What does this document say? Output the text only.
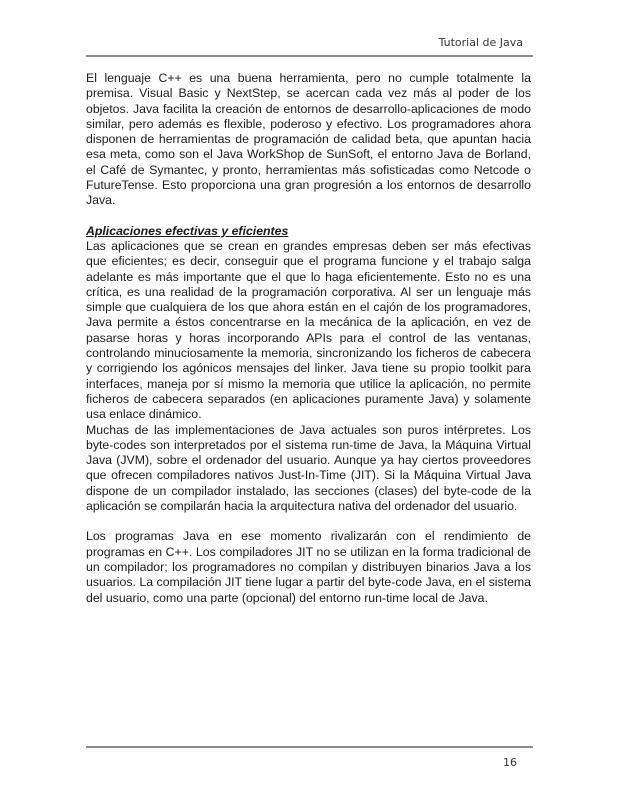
Tutorial de Java

El lenguaje C++ es una buena herramienta, pero no cumple totalmente la premisa. Visual Basic y NextStep, se acercan cada vez más al poder de los objetos. Java facilita la creación de entornos de desarrollo-aplicaciones de modo similar, pero además es flexible, poderoso y efectivo. Los programadores ahora disponen de herramientas de programación de calidad beta, que apuntan hacia esa meta, como son el Java WorkShop de SunSoft, el entorno Java de Borland, el Café de Symantec, y pronto, herramientas más sofisticadas como Netcode o FutureTense. Esto proporciona una gran progresión a los entornos de desarrollo Java.

Aplicaciones efectivas y eficientes

Las aplicaciones que se crean en grandes empresas deben ser más efectivas que eficientes; es decir, conseguir que el programa funcione y el trabajo salga adelante es más importante que el que lo haga eficientemente. Esto no es una crítica, es una realidad de la programación corporativa. Al ser un lenguaje más simple que cualquiera de los que ahora están en el cajón de los programadores, Java permite a éstos concentrarse en la mecánica de la aplicación, en vez de pasarse horas y horas incorporando APIs para el control de las ventanas, controlando minuciosamente la memoria, sincronizando los ficheros de cabecera y corrigiendo los agónicos mensajes del linker. Java tiene su propio toolkit para interfaces, maneja por sí mismo la memoria que utilice la aplicación, no permite ficheros de cabecera separados (en aplicaciones puramente Java) y solamente usa enlace dinámico.

Muchas de las implementaciones de Java actuales son puros intérpretes. Los byte-codes son interpretados por el sistema run-time de Java, la Máquina Virtual Java (JVM), sobre el ordenador del usuario. Aunque ya hay ciertos proveedores que ofrecen compiladores nativos Just-In-Time (JIT). Si la Máquina Virtual Java dispone de un compilador instalado, las secciones (clases) del byte-code de la aplicación se compilarán hacia la arquitectura nativa del ordenador del usuario.

Los programas Java en ese momento rivalizarán con el rendimiento de programas en C++. Los compiladores JIT no se utilizan en la forma tradicional de un compilador; los programadores no compilan y distribuyen binarios Java a los usuarios. La compilación JIT tiene lugar a partir del byte-code Java, en el sistema del usuario, como una parte (opcional) del entorno run-time local de Java.

16
